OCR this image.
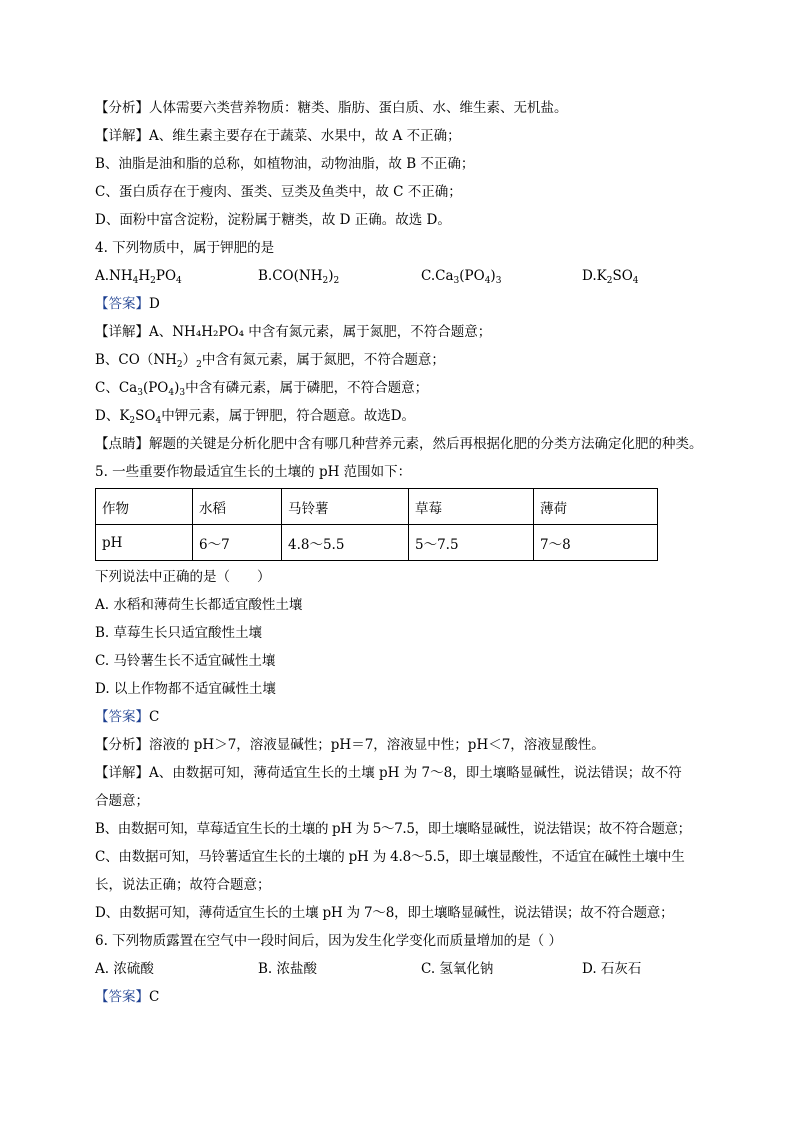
【分析】人体需要六类营养物质：糖类、脂肪、蛋白质、水、维生素、无机盐。
【详解】A、维生素主要存在于蔬菜、水果中，故 A 不正确；
B、油脂是油和脂的总称，如植物油，动物油脂，故 B 不正确；
C、蛋白质存在于瘦肉、蛋类、豆类及鱼类中，故 C 不正确；
D、面粉中富含淀粉，淀粉属于糖类，故 D 正确。故选 D。
4. 下列物质中，属于钾肥的是
$A.NH_4H_2PO_4$	$B.CO(NH_2)_2$	$C.Ca_3(PO_4)_3$	$D.K_2SO_4$
【答案】D
【详解】A、NH₄H₂PO₄ 中含有氮元素，属于氮肥，不符合题意；
B、$CO(NH_2)_2$中含有氮元素，属于氮肥，不符合题意；
C、$Ca_3(PO_4)_3$中含有磷元素，属于磷肥，不符合题意；
D、$K_2SO_4$中钾元素，属于钾肥，符合题意。故选D。
【点睛】解题的关键是分析化肥中含有哪几种营养元素，然后再根据化肥的分类方法确定化肥的种类。
5. 一些重要作物最适宜生长的土壤的 pH 范围如下：
作物	水稻	马铃薯	草莓	薄荷
pH	6～7	4.8～5.5	5～7.5	7～8
下列说法中正确的是（　　）
A. 水稻和薄荷生长都适宜酸性土壤
B. 草莓生长只适宜酸性土壤
C. 马铃薯生长不适宜碱性土壤
D. 以上作物都不适宜碱性土壤
【答案】C
【分析】溶液的 pH＞7，溶液显碱性；pH＝7，溶液显中性；pH＜7，溶液显酸性。
【详解】A、由数据可知，薄荷适宜生长的土壤 pH 为 7～8，即土壤略显碱性，说法错误；故不符
合题意；
B、由数据可知，草莓适宜生长的土壤的 pH 为 5～7.5，即土壤略显碱性，说法错误；故不符合题意；
C、由数据可知，马铃薯适宜生长的土壤的 pH 为 4.8～5.5，即土壤显酸性，不适宜在碱性土壤中生
长，说法正确；故符合题意；
D、由数据可知，薄荷适宜生长的土壤 pH 为 7～8，即土壤略显碱性，说法错误；故不符合题意；
6. 下列物质露置在空气中一段时间后，因为发生化学变化而质量增加的是（ ）
A. 浓硫酸	B. 浓盐酸	C. 氢氧化钠	D. 石灰石
【答案】C
